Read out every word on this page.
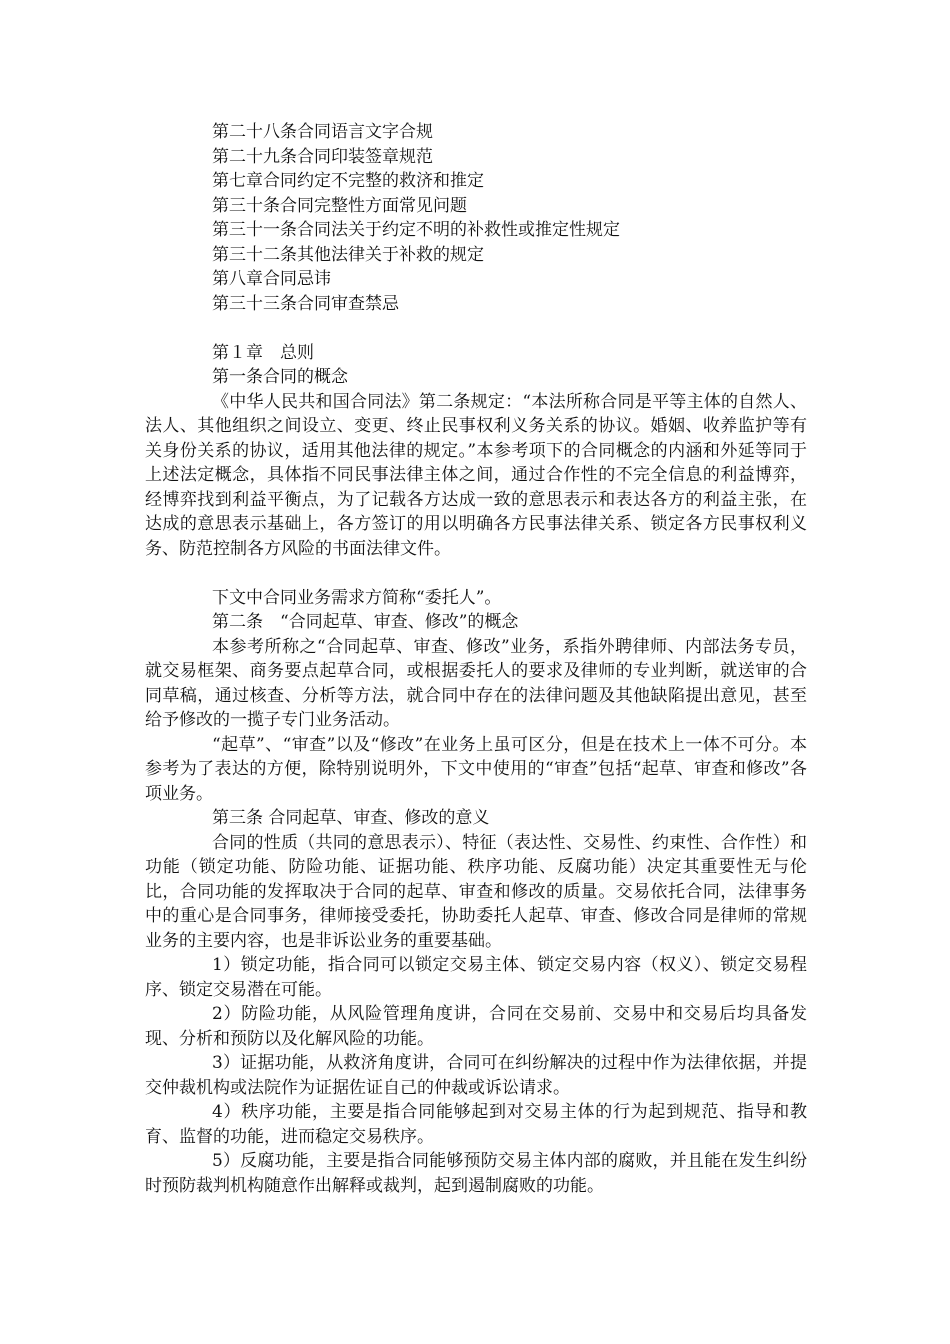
第二十八条合同语言文字合规

第二十九条合同印装签章规范

第七章合同约定不完整的救济和推定

第三十条合同完整性方面常见问题

第三十一条合同法关于约定不明的补救性或推定性规定

第三十二条其他法律关于补救的规定

第八章合同忌讳

第三十三条合同审查禁忌

第１章　总则

第一条合同的概念

《中华人民共和国合同法》第二条规定：“本法所称合同是平等主体的自然人、法人、其他组织之间设立、变更、终止民事权利义务关系的协议。婚姻、收养监护等有关身份关系的协议，适用其他法律的规定。”本参考项下的合同概念的内涵和外延等同于上述法定概念，具体指不同民事法律主体之间，通过合作性的不完全信息的利益博弈，经博弈找到利益平衡点，为了记载各方达成一致的意思表示和表达各方的利益主张，在达成的意思表示基础上，各方签订的用以明确各方民事法律关系、锁定各方民事权利义务、防范控制各方风险的书面法律文件。

下文中合同业务需求方简称“委托人”。

第二条　“合同起草、审查、修改”的概念

本参考所称之“合同起草、审查、修改”业务，系指外聘律师、内部法务专员，就交易框架、商务要点起草合同，或根据委托人的要求及律师的专业判断，就送审的合同草稿，通过核查、分析等方法，就合同中存在的法律问题及其他缺陷提出意见，甚至给予修改的一揽子专门业务活动。

“起草”、“审查”以及“修改”在业务上虽可区分，但是在技术上一体不可分。本参考为了表达的方便，除特别说明外，下文中使用的“审查”包括“起草、审查和修改”各项业务。

第三条 合同起草、审查、修改的意义

合同的性质（共同的意思表示）、特征（表达性、交易性、约束性、合作性）和功能（锁定功能、防险功能、证据功能、秩序功能、反腐功能）决定其重要性无与伦比，合同功能的发挥取决于合同的起草、审查和修改的质量。交易依托合同，法律事务中的重心是合同事务，律师接受委托，协助委托人起草、审查、修改合同是律师的常规业务的主要内容，也是非诉讼业务的重要基础。

1）锁定功能，指合同可以锁定交易主体、锁定交易内容（权义）、锁定交易程序、锁定交易潜在可能。

2）防险功能，从风险管理角度讲，合同在交易前、交易中和交易后均具备发现、分析和预防以及化解风险的功能。

3）证据功能，从救济角度讲，合同可在纠纷解决的过程中作为法律依据，并提交仲裁机构或法院作为证据佐证自己的仲裁或诉讼请求。

4）秩序功能，主要是指合同能够起到对交易主体的行为起到规范、指导和教育、监督的功能，进而稳定交易秩序。

5）反腐功能，主要是指合同能够预防交易主体内部的腐败，并且能在发生纠纷时预防裁判机构随意作出解释或裁判，起到遏制腐败的功能。
